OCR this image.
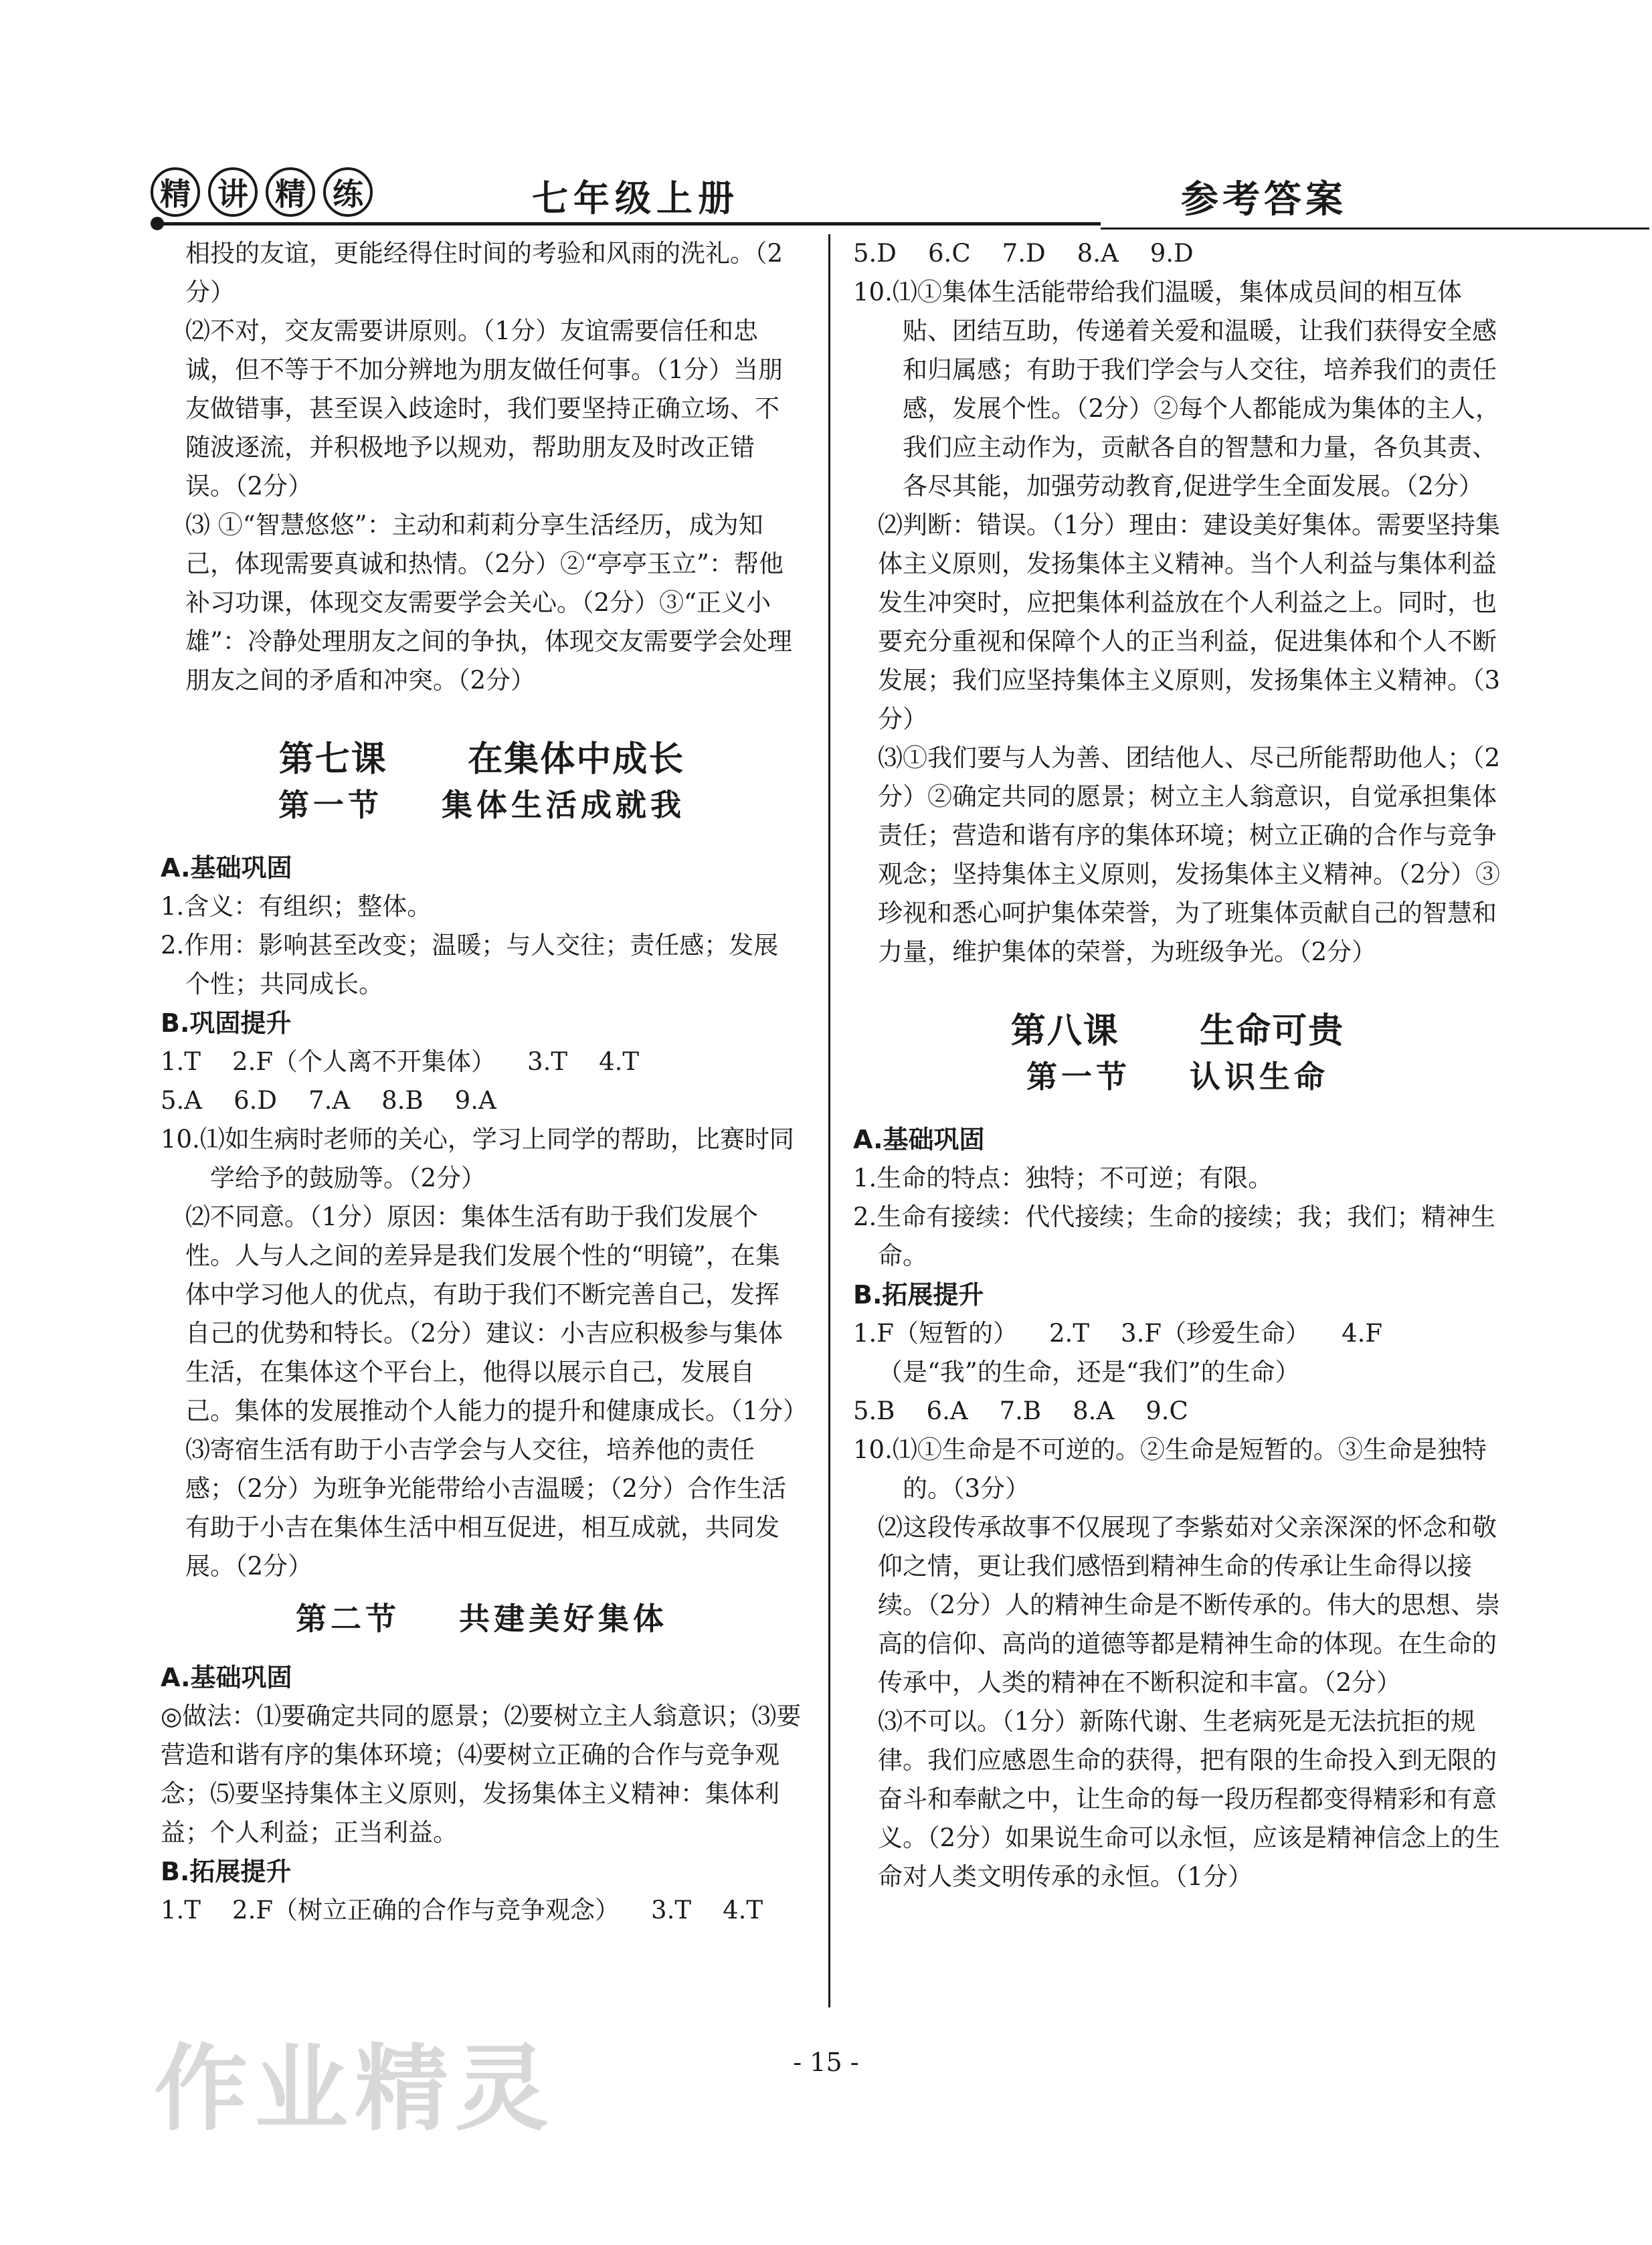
精 讲 精 练	七年级上册	参考答案

相投的友谊，更能经得住时间的考验和风雨的洗礼。（2分）

⑵不对，交友需要讲原则。（1分）友谊需要信任和忠诚，但不等于不加分辨地为朋友做任何事。（1分）当朋友做错事，甚至误入歧途时，我们要坚持正确立场、不随波逐流，并积极地予以规劝，帮助朋友及时改正错误。（2分）

⑶ ①“智慧悠悠”：主动和莉莉分享生活经历，成为知己，体现需要真诚和热情。（2分）②“亭亭玉立”：帮他补习功课，体现交友需要学会关心。（2分）③“正义小雄”：冷静处理朋友之间的争执，体现交友需要学会处理朋友之间的矛盾和冲突。（2分）

第七课      在集体中成长
第一节    集体生活成就我

A.基础巩固

1.含义：有组织；整体。

2.作用：影响甚至改变；温暖；与人交往；责任感；发展个性；共同成长。

B.巩固提升

1.T    2.F（个人离不开集体）    3.T    4.T

5.A    6.D    7.A    8.B    9.A

10.⑴如生病时老师的关心，学习上同学的帮助，比赛时同学给予的鼓励等。（2分）

⑵不同意。（1分）原因：集体生活有助于我们发展个性。人与人之间的差异是我们发展个性的“明镜”，在集体中学习他人的优点，有助于我们不断完善自己，发挥自己的优势和特长。（2分）建议：小吉应积极参与集体生活，在集体这个平台上，他得以展示自己，发展自己。集体的发展推动个人能力的提升和健康成长。（1分）

⑶寄宿生活有助于小吉学会与人交往，培养他的责任感；（2分）为班争光能带给小吉温暖；（2分）合作生活有助于小吉在集体生活中相互促进，相互成就，共同发展。（2分）

第二节    共建美好集体

A.基础巩固

◎做法：⑴要确定共同的愿景；⑵要树立主人翁意识；⑶要营造和谐有序的集体环境；⑷要树立正确的合作与竞争观念；⑸要坚持集体主义原则，发扬集体主义精神：集体利益；个人利益；正当利益。

B.拓展提升

1.T    2.F（树立正确的合作与竞争观念）    3.T    4.T

5.D    6.C    7.D    8.A    9.D

10.⑴①集体生活能带给我们温暖，集体成员间的相互体贴、团结互助，传递着关爱和温暖，让我们获得安全感和归属感；有助于我们学会与人交往，培养我们的责任感，发展个性。（2分）②每个人都能成为集体的主人，我们应主动作为，贡献各自的智慧和力量，各负其责、各尽其能，加强劳动教育,促进学生全面发展。（2分）

⑵判断：错误。（1分）理由：建设美好集体。需要坚持集体主义原则，发扬集体主义精神。当个人利益与集体利益发生冲突时，应把集体利益放在个人利益之上。同时，也要充分重视和保障个人的正当利益，促进集体和个人不断发展；我们应坚持集体主义原则，发扬集体主义精神。（3分）

⑶①我们要与人为善、团结他人、尽己所能帮助他人；（2分）②确定共同的愿景；树立主人翁意识，自觉承担集体责任；营造和谐有序的集体环境；树立正确的合作与竞争观念；坚持集体主义原则，发扬集体主义精神。（2分）③珍视和悉心呵护集体荣誉，为了班集体贡献自己的智慧和力量，维护集体的荣誉，为班级争光。（2分）

第八课      生命可贵
第一节    认识生命

A.基础巩固

1.生命的特点：独特；不可逆；有限。

2.生命有接续：代代接续；生命的接续；我；我们；精神生命。

B.拓展提升

1.F（短暂的）    2.T    3.F（珍爱生命）    4.F（是“我”的生命，还是“我们”的生命）

5.B    6.A    7.B    8.A    9.C

10.⑴①生命是不可逆的。②生命是短暂的。③生命是独特的。（3分）

⑵这段传承故事不仅展现了李紫茹对父亲深深的怀念和敬仰之情，更让我们感悟到精神生命的传承让生命得以接续。（2分）人的精神生命是不断传承的。伟大的思想、崇高的信仰、高尚的道德等都是精神生命的体现。在生命的传承中，人类的精神在不断积淀和丰富。（2分）

⑶不可以。（1分）新陈代谢、生老病死是无法抗拒的规律。我们应感恩生命的获得，把有限的生命投入到无限的奋斗和奉献之中，让生命的每一段历程都变得精彩和有意义。（2分）如果说生命可以永恒，应该是精神信念上的生命对人类文明传承的永恒。（1分）

作业精灵	- 15 -
